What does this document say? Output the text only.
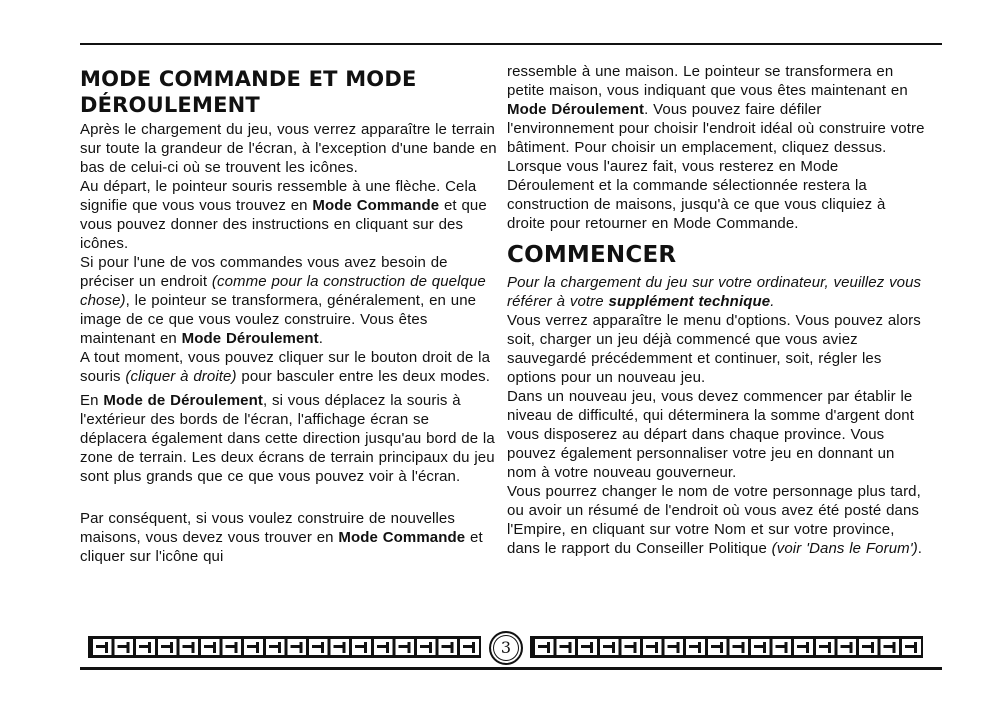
MODE COMMANDE ET MODE
DÉROULEMENT

Après le chargement du jeu, vous verrez apparaître le terrain sur toute la grandeur de l'écran, à l'exception d'une bande en bas de celui-ci où se trouvent les icônes.

Au départ, le pointeur souris ressemble à une flèche. Cela signifie que vous vous trouvez en Mode Commande et que vous pouvez donner des instructions en cliquant sur des icônes.

Si pour l'une de vos commandes vous avez besoin de préciser un endroit (comme pour la construction de quelque chose), le pointeur se transformera, généralement, en une image de ce que vous voulez construire. Vous êtes maintenant en Mode Déroulement.

A tout moment, vous pouvez cliquer sur le bouton droit de la souris (cliquer à droite) pour basculer entre les deux modes.

En Mode de Déroulement, si vous déplacez la souris à l'extérieur des bords de l'écran, l'affichage écran se déplacera également dans cette direction jusqu'au bord de la zone de terrain. Les deux écrans de terrain principaux du jeu sont plus grands que ce que vous pouvez voir à l'écran.

Par conséquent, si vous voulez construire de nouvelles maisons, vous devez vous trouver en Mode Commande et cliquer sur l'icône qui

ressemble à une maison. Le pointeur se transformera en petite maison, vous indiquant que vous êtes maintenant en Mode Déroulement. Vous pouvez faire défiler l'environnement pour choisir l'endroit idéal où construire votre bâtiment. Pour choisir un emplacement, cliquez dessus. Lorsque vous l'aurez fait, vous resterez en Mode Déroulement et la commande sélectionnée restera la construction de maisons, jusqu'à ce que vous cliquiez à droite pour retourner en Mode Commande.

COMMENCER

Pour la chargement du jeu sur votre ordinateur, veuillez vous référer à votre supplément technique.

Vous verrez apparaître le menu d'options. Vous pouvez alors soit, charger un jeu déjà commencé que vous aviez sauvegardé précédemment et continuer, soit, régler les options pour un nouveau jeu.

Dans un nouveau jeu, vous devez commencer par établir le niveau de difficulté, qui déterminera la somme d'argent dont vous disposerez au départ dans chaque province. Vous pouvez également personnaliser votre jeu en donnant un nom à votre nouveau gouverneur.

Vous pourrez changer le nom de votre personnage plus tard, ou avoir un résumé de l'endroit où vous avez été posté dans l'Empire, en cliquant sur votre Nom et sur votre province, dans le rapport du Conseiller Politique (voir 'Dans le Forum').

3
